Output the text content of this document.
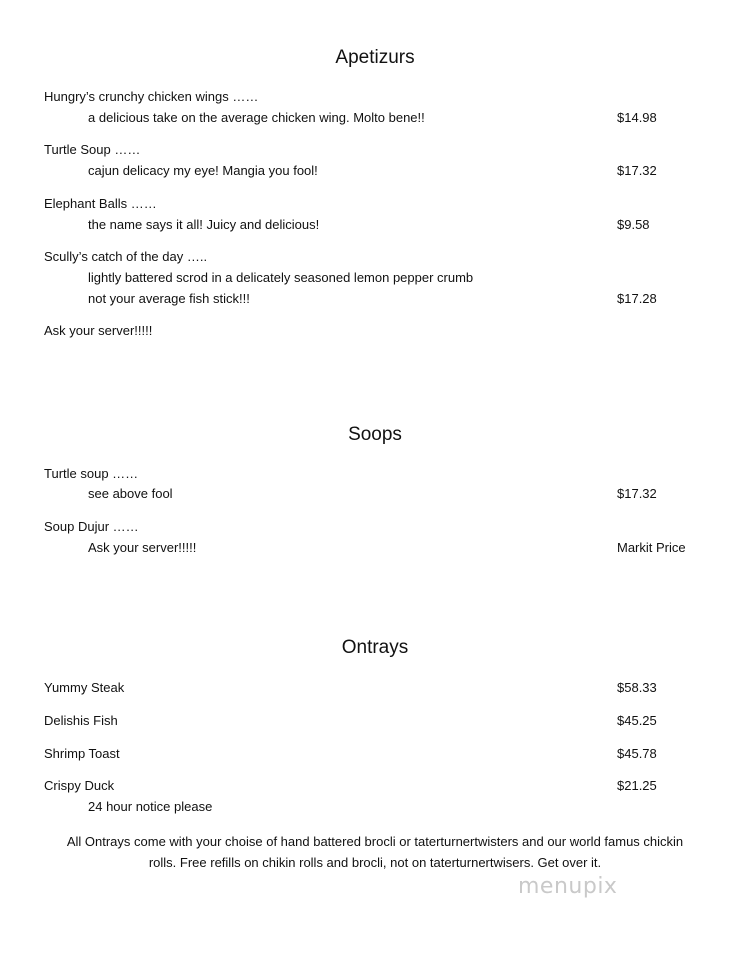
Apetizurs
Hungry’s crunchy chicken wings ……
a delicious take on the average chicken wing. Molto bene!!	$14.98
Turtle Soup ……
cajun delicacy my eye! Mangia you fool!	$17.32
Elephant Balls ……
the name says it all! Juicy and delicious!	$9.58
Scully’s catch of the day …..
lightly battered scrod in a delicately seasoned lemon pepper crumb
not your average fish stick!!!	$17.28
Ask your server!!!!!
Soops
Turtle soup ……
see above fool	$17.32
Soup Dujur ……
Ask your server!!!!!	Markit Price
Ontrays
Yummy Steak	$58.33
Delishis Fish	$45.25
Shrimp Toast	$45.78
Crispy Duck	$21.25
24 hour notice please
All Ontrays come with your choise of hand battered brocli or taterturnertwisters and our world famus chickin
rolls. Free refills on chikin rolls and brocli, not on taterturnertwisers. Get over it.
menupix
